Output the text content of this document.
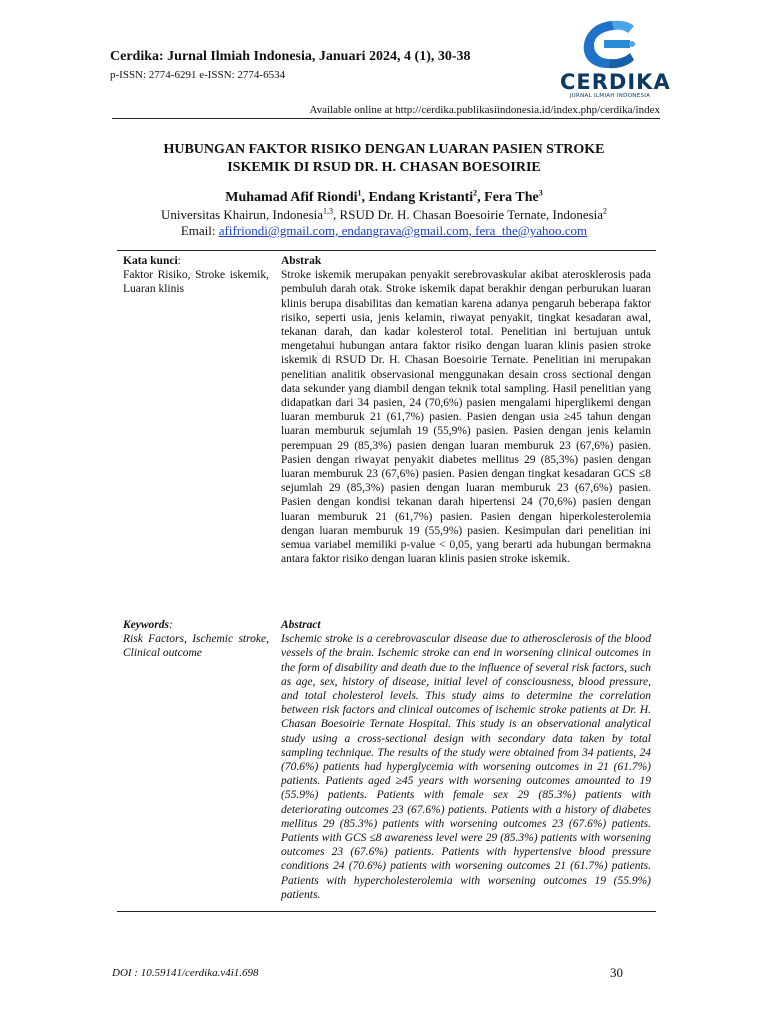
Cerdika: Jurnal Ilmiah Indonesia, Januari 2024, 4 (1), 30-38
p-ISSN: 2774-6291 e-ISSN: 2774-6534	CERDIKA
JURNAL ILMIAH INDONESIA
Available online at http://cerdika.publikasiindonesia.id/index.php/cerdika/index
HUBUNGAN FAKTOR RISIKO DENGAN LUARAN PASIEN STROKE
ISKEMIK DI RSUD DR. H. CHASAN BOESOIRIE
Muhamad Afif Riondi$^1$, Endang Kristanti$^2$, Fera The$^3$
Universitas Khairun, Indonesia$^{1,3}$, RSUD Dr. H. Chasan Boesoirie Ternate, Indonesia$^2$
Email: afifriondi@gmail.com, endangrava@gmail.com, fera_the@yahoo.com
Kata kunci:
Faktor Risiko, Stroke iskemik, Luaran klinis
Abstrak
Stroke iskemik merupakan penyakit serebrovaskular akibat aterosklerosis pada pembuluh darah otak. Stroke iskemik dapat berakhir dengan perburukan luaran klinis berupa disabilitas dan kematian karena adanya pengaruh beberapa faktor risiko, seperti usia, jenis kelamin, riwayat penyakit, tingkat kesadaran awal, tekanan darah, dan kadar kolesterol total. Penelitian ini bertujuan untuk mengetahui hubungan antara faktor risiko dengan luaran klinis pasien stroke iskemik di RSUD Dr. H. Chasan Boesoirie Ternate. Penelitian ini merupakan penelitian analitik observasional menggunakan desain cross sectional dengan data sekunder yang diambil dengan teknik total sampling. Hasil penelitian yang didapatkan dari 34 pasien, 24 (70,6%) pasien mengalami hiperglikemi dengan luaran memburuk 21 (61,7%) pasien. Pasien dengan usia ≥45 tahun dengan luaran memburuk sejumlah 19 (55,9%) pasien. Pasien dengan jenis kelamin perempuan 29 (85,3%) pasien dengan luaran memburuk 23 (67,6%) pasien. Pasien dengan riwayat penyakit diabetes mellitus 29 (85,3%) pasien dengan luaran memburuk 23 (67,6%) pasien. Pasien dengan tingkat kesadaran GCS ≤8 sejumlah 29 (85,3%) pasien dengan luaran memburuk 23 (67,6%) pasien. Pasien dengan kondisi tekanan darah hipertensi 24 (70,6%) pasien dengan luaran memburuk 21 (61,7%) pasien. Pasien dengan hiperkolesterolemia dengan luaran memburuk 19 (55,9%) pasien. Kesimpulan dari penelitian ini semua variabel memiliki p-value < 0,05, yang berarti ada hubungan bermakna antara faktor risiko dengan luaran klinis pasien stroke iskemik.
Keywords:
Risk Factors, Ischemic stroke, Clinical outcome
Abstract
Ischemic stroke is a cerebrovascular disease due to atherosclerosis of the blood vessels of the brain. Ischemic stroke can end in worsening clinical outcomes in the form of disability and death due to the influence of several risk factors, such as age, sex, history of disease, initial level of consciousness, blood pressure, and total cholesterol levels. This study aims to determine the correlation between risk factors and clinical outcomes of ischemic stroke patients at Dr. H. Chasan Boesoirie Ternate Hospital. This study is an observational analytical study using a cross-sectional design with secondary data taken by total sampling technique. The results of the study were obtained from 34 patients, 24 (70.6%) patients had hyperglycemia with worsening outcomes in 21 (61.7%) patients. Patients aged ≥45 years with worsening outcomes amounted to 19 (55.9%) patients. Patients with female sex 29 (85.3%) patients with deteriorating outcomes 23 (67.6%) patients. Patients with a history of diabetes mellitus 29 (85.3%) patients with worsening outcomes 23 (67.6%) patients. Patients with GCS ≤8 awareness level were 29 (85.3%) patients with worsening outcomes 23 (67.6%) patients. Patients with hypertensive blood pressure conditions 24 (70.6%) patients with worsening outcomes 21 (61.7%) patients. Patients with hypercholesterolemia with worsening outcomes 19 (55.9%) patients.
DOI : 10.59141/cerdika.v4i1.698	30
